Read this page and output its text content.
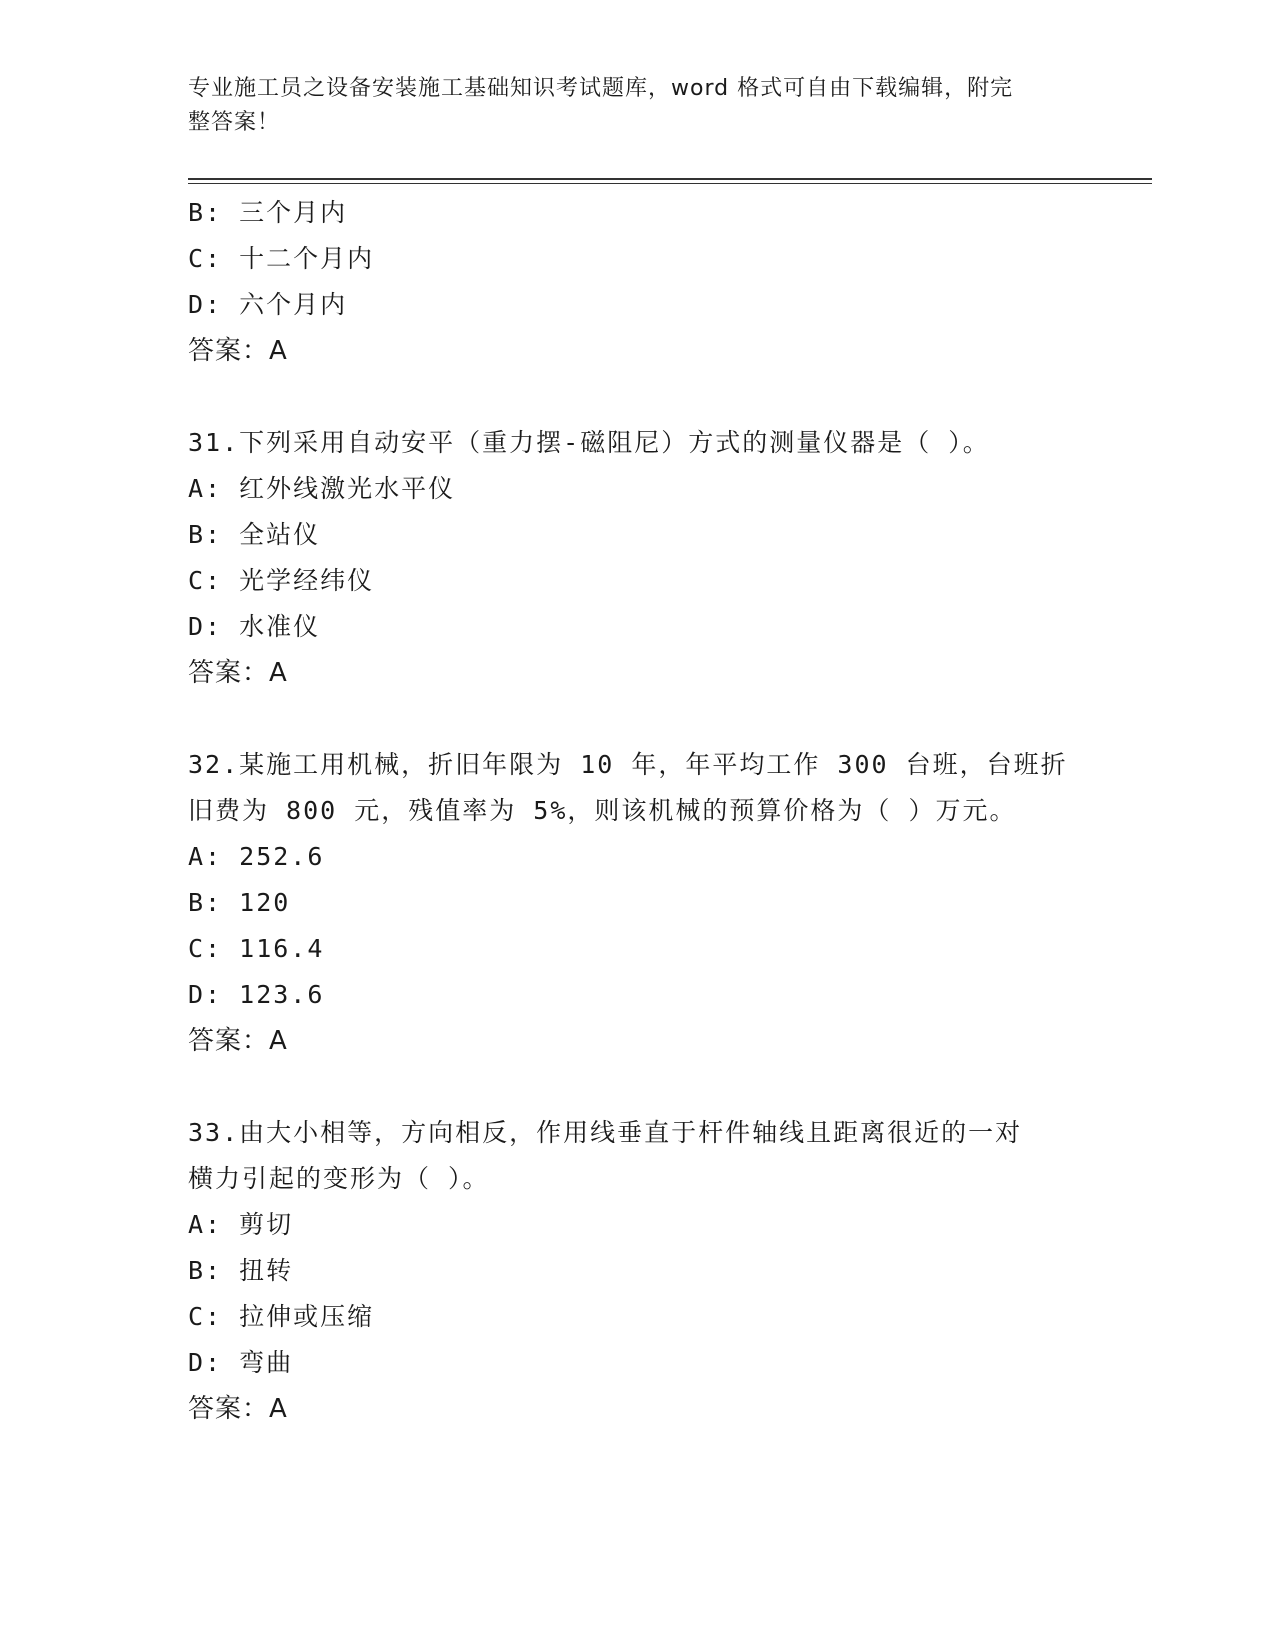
专业施工员之设备安装施工基础知识考试题库，word 格式可自由下载编辑，附完
整答案！
B: 三个月内
C: 十二个月内
D: 六个月内
答案：A
31.下列采用自动安平（重力摆-磁阻尼）方式的测量仪器是（ ）。
A: 红外线激光水平仪
B: 全站仪
C: 光学经纬仪
D: 水准仪
答案：A
32.某施工用机械，折旧年限为 10 年，年平均工作 300 台班，台班折
旧费为 800 元，残值率为 5%，则该机械的预算价格为（ ）万元。
A: 252.6
B: 120
C: 116.4
D: 123.6
答案：A
33.由大小相等，方向相反，作用线垂直于杆件轴线且距离很近的一对
横力引起的变形为（ ）。
A: 剪切
B: 扭转
C: 拉伸或压缩
D: 弯曲
答案：A
